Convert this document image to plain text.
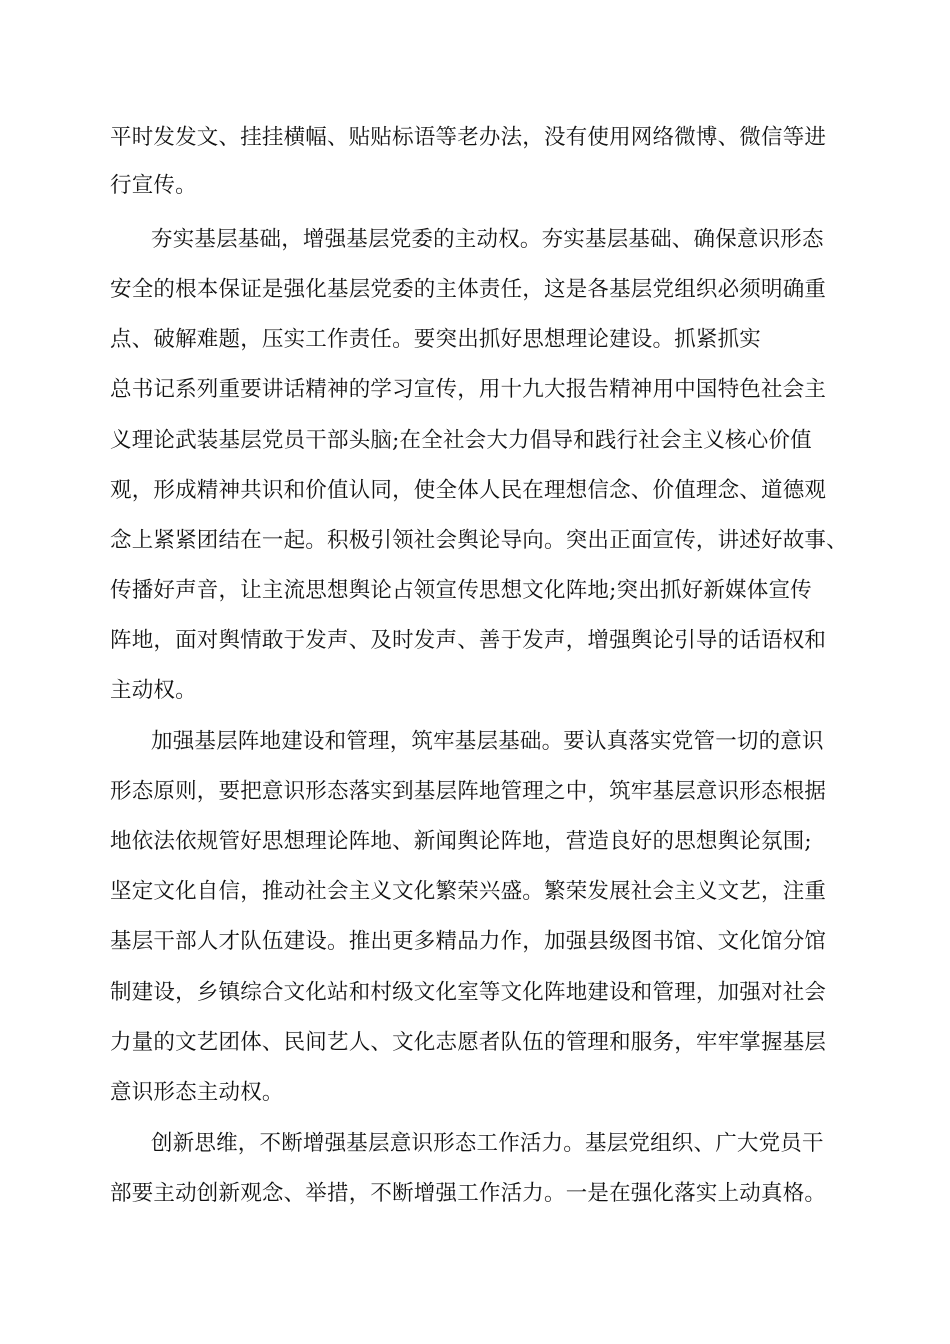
平时发发文、挂挂横幅、贴贴标语等老办法，没有使用网络微博、微信等进
行宣传。
夯实基层基础，增强基层党委的主动权。夯实基层基础、确保意识形态
安全的根本保证是强化基层党委的主体责任，这是各基层党组织必须明确重
点、破解难题，压实工作责任。要突出抓好思想理论建设。抓紧抓实
总书记系列重要讲话精神的学习宣传，用十九大报告精神用中国特色社会主
义理论武装基层党员干部头脑;在全社会大力倡导和践行社会主义核心价值
观，形成精神共识和价值认同，使全体人民在理想信念、价值理念、道德观
念上紧紧团结在一起。积极引领社会舆论导向。突出正面宣传，讲述好故事、
传播好声音，让主流思想舆论占领宣传思想文化阵地;突出抓好新媒体宣传
阵地，面对舆情敢于发声、及时发声、善于发声，增强舆论引导的话语权和
主动权。
加强基层阵地建设和管理，筑牢基层基础。要认真落实党管一切的意识
形态原则，要把意识形态落实到基层阵地管理之中，筑牢基层意识形态根据
地依法依规管好思想理论阵地、新闻舆论阵地，营造良好的思想舆论氛围;
坚定文化自信，推动社会主义文化繁荣兴盛。繁荣发展社会主义文艺，注重
基层干部人才队伍建设。推出更多精品力作，加强县级图书馆、文化馆分馆
制建设，乡镇综合文化站和村级文化室等文化阵地建设和管理，加强对社会
力量的文艺团体、民间艺人、文化志愿者队伍的管理和服务，牢牢掌握基层
意识形态主动权。
创新思维，不断增强基层意识形态工作活力。基层党组织、广大党员干
部要主动创新观念、举措，不断增强工作活力。一是在强化落实上动真格。
